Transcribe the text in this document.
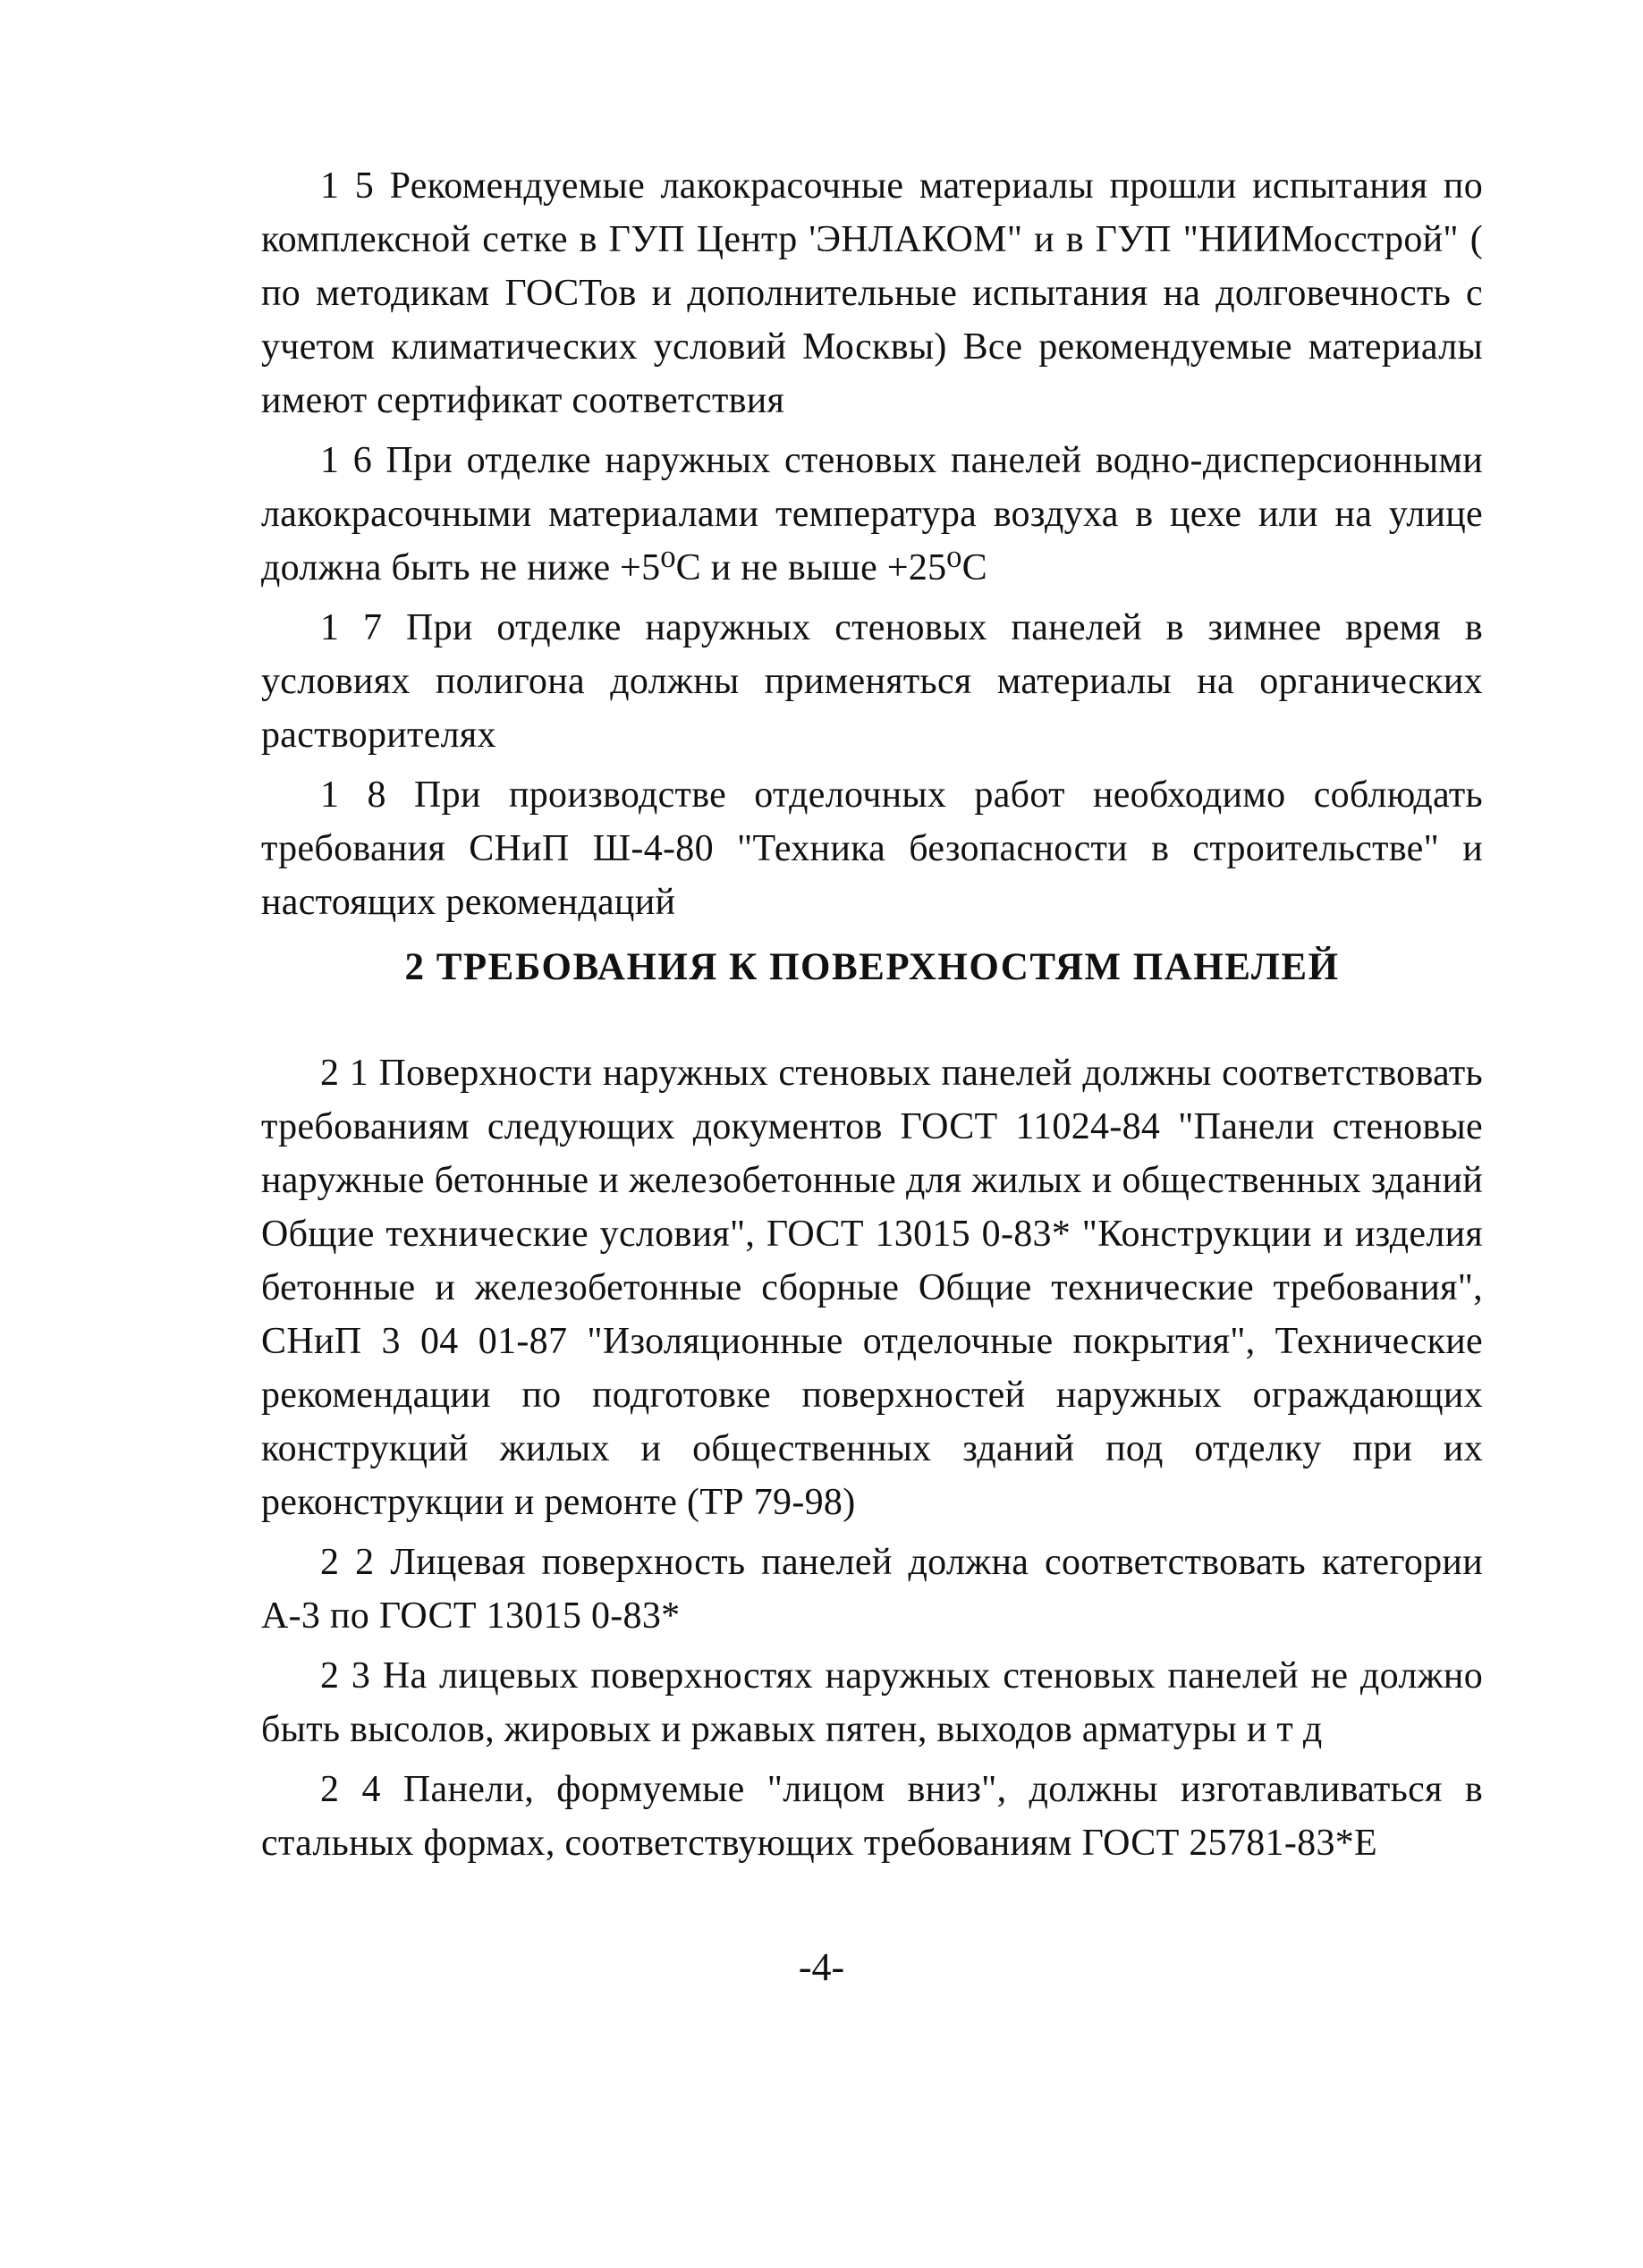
1 5 Рекомендуемые лакокрасочные материалы прошли испытания по комплексной сетке в ГУП Центр 'ЭНЛАКОМ" и в ГУП "НИИМосстрой" ( по методикам ГОСТов и дополнительные испытания на долговечность с учетом климатических условий Москвы) Все рекомендуемые материалы имеют сертификат соответствия

1 6 При отделке наружных стеновых панелей водно-дисперсионными лакокрасочными материалами температура воздуха в цехе или на улице должна быть не ниже +5⁰С и не выше +25⁰С

1 7 При отделке наружных стеновых панелей в зимнее время в условиях полигона должны применяться материалы на органических растворителях

1 8 При производстве отделочных работ необходимо соблюдать требования СНиП Ш-4-80 "Техника безопасности в строительстве" и настоящих рекомендаций

2 ТРЕБОВАНИЯ К ПОВЕРХНОСТЯМ ПАНЕЛЕЙ

2 1 Поверхности наружных стеновых панелей должны соответствовать требованиям следующих документов ГОСТ 11024-84 "Панели стеновые наружные бетонные и железобетонные для жилых и общественных зданий Общие технические условия", ГОСТ 13015 0-83* "Конструкции и изделия бетонные и железобетонные сборные Общие технические требования", СНиП 3 04 01-87 "Изоляционные отделочные покрытия", Технические рекомендации по подготовке поверхностей наружных ограждающих конструкций жилых и общественных зданий под отделку при их реконструкции и ремонте (ТР 79-98)

2 2 Лицевая поверхность панелей должна соответствовать категории А-3 по ГОСТ 13015 0-83*

2 3 На лицевых поверхностях наружных стеновых панелей не должно быть высолов, жировых и ржавых пятен, выходов арматуры и т д

2 4 Панели, формуемые "лицом вниз", должны изготавливаться в стальных формах, соответствующих требованиям ГОСТ 25781-83*Е

-4-
